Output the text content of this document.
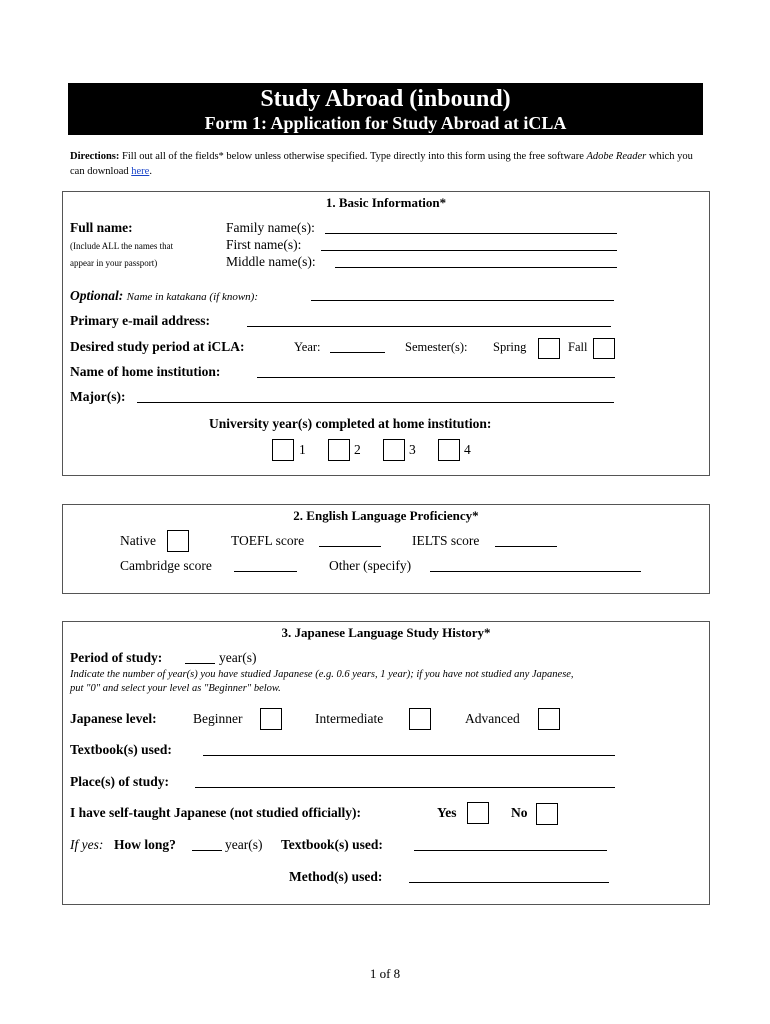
Study Abroad (inbound)
Form 1: Application for Study Abroad at iCLA
Directions: Fill out all of the fields* below unless otherwise specified. Type directly into this form using the free software Adobe Reader which you can download here.
1. Basic Information*
Full name:
(Include ALL the names that
appear in your passport)
Family name(s):
First name(s):
Middle name(s):
Optional: Name in katakana (if known):
Primary e-mail address:
Desired study period at iCLA:	Year:	Semester(s): Spring	Fall
Name of home institution:
Major(s):
University year(s) completed at home institution:
1	2	3	4
2. English Language Proficiency*
Native	TOEFL score	IELTS score
Cambridge score	Other (specify)
3. Japanese Language Study History*
Period of study:	year(s)
Indicate the number of year(s) you have studied Japanese (e.g. 0.6 years, 1 year); if you have not studied any Japanese,
put "0" and select your level as "Beginner" below.
Japanese level:	Beginner	Intermediate	Advanced
Textbook(s) used:
Place(s) of study:
I have self-taught Japanese (not studied officially):	Yes	No
If yes: How long?	year(s) Textbook(s) used:
Method(s) used:
1 of 8
